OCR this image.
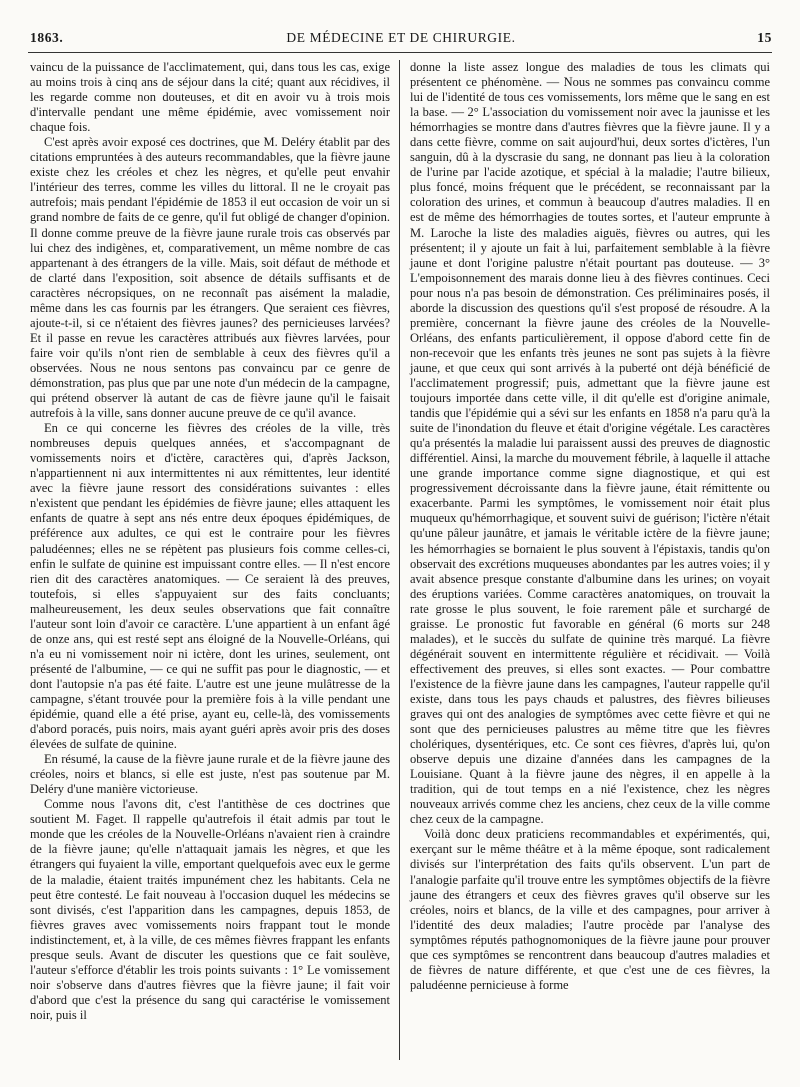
1863.	DE MÉDECINE ET DE CHIRURGIE.	15

vaincu de la puissance de l'acclimatement, qui, dans tous les cas, exige au moins trois à cinq ans de séjour dans la cité; quant aux récidives, il les regarde comme non douteuses, et dit en avoir vu à trois mois d'intervalle pendant une même épidémie, avec vomissement noir chaque fois.

C'est après avoir exposé ces doctrines, que M. Deléry établit par des citations empruntées à des auteurs recommandables, que la fièvre jaune existe chez les créoles et chez les nègres, et qu'elle peut envahir l'intérieur des terres, comme les villes du littoral. Il ne le croyait pas autrefois; mais pendant l'épidémie de 1853 il eut occasion de voir un si grand nombre de faits de ce genre, qu'il fut obligé de changer d'opinion. Il donne comme preuve de la fièvre jaune rurale trois cas observés par lui chez des indigènes, et, comparativement, un même nombre de cas appartenant à des étrangers de la ville. Mais, soit défaut de méthode et de clarté dans l'exposition, soit absence de détails suffisants et de caractères nécropsiques, on ne reconnaît pas aisément la maladie, même dans les cas fournis par les étrangers. Que seraient ces fièvres, ajoute-t-il, si ce n'étaient des fièvres jaunes? des pernicieuses larvées? Et il passe en revue les caractères attribués aux fièvres larvées, pour faire voir qu'ils n'ont rien de semblable à ceux des fièvres qu'il a observées. Nous ne nous sentons pas convaincu par ce genre de démonstration, pas plus que par une note d'un médecin de la campagne, qui prétend observer là autant de cas de fièvre jaune qu'il le faisait autrefois à la ville, sans donner aucune preuve de ce qu'il avance.

En ce qui concerne les fièvres des créoles de la ville, très nombreuses depuis quelques années, et s'accompagnant de vomissements noirs et d'ictère, caractères qui, d'après Jackson, n'appartiennent ni aux intermittentes ni aux rémittentes, leur identité avec la fièvre jaune ressort des considérations suivantes : elles n'existent que pendant les épidémies de fièvre jaune; elles attaquent les enfants de quatre à sept ans nés entre deux époques épidémiques, de préférence aux adultes, ce qui est le contraire pour les fièvres paludéennes; elles ne se répètent pas plusieurs fois comme celles-ci, enfin le sulfate de quinine est impuissant contre elles. — Il n'est encore rien dit des caractères anatomiques. — Ce seraient là des preuves, toutefois, si elles s'appuyaient sur des faits concluants; malheureusement, les deux seules observations que fait connaître l'auteur sont loin d'avoir ce caractère. L'une appartient à un enfant âgé de onze ans, qui est resté sept ans éloigné de la Nouvelle-Orléans, qui n'a eu ni vomissement noir ni ictère, dont les urines, seulement, ont présenté de l'albumine, — ce qui ne suffit pas pour le diagnostic, — et dont l'autopsie n'a pas été faite. L'autre est une jeune mulâtresse de la campagne, s'étant trouvée pour la première fois à la ville pendant une épidémie, quand elle a été prise, ayant eu, celle-là, des vomissements d'abord poracés, puis noirs, mais ayant guéri après avoir pris des doses élevées de sulfate de quinine.

En résumé, la cause de la fièvre jaune rurale et de la fièvre jaune des créoles, noirs et blancs, si elle est juste, n'est pas soutenue par M. Deléry d'une manière victorieuse.

Comme nous l'avons dit, c'est l'antithèse de ces doctrines que soutient M. Faget. Il rappelle qu'autrefois il était admis par tout le monde que les créoles de la Nouvelle-Orléans n'avaient rien à craindre de la fièvre jaune; qu'elle n'attaquait jamais les nègres, et que les étrangers qui fuyaient la ville, emportant quelquefois avec eux le germe de la maladie, étaient traités impunément chez les habitants. Cela ne peut être contesté. Le fait nouveau à l'occasion duquel les médecins se sont divisés, c'est l'apparition dans les campagnes, depuis 1853, de fièvres graves avec vomissements noirs frappant tout le monde indistinctement, et, à la ville, de ces mêmes fièvres frappant les enfants presque seuls. Avant de discuter les questions que ce fait soulève, l'auteur s'efforce d'établir les trois points suivants : 1° Le vomissement noir s'observe dans d'autres fièvres que la fièvre jaune; il fait voir d'abord que c'est la présence du sang qui caractérise le vomissement noir, puis il

donne la liste assez longue des maladies de tous les climats qui présentent ce phénomène. — Nous ne sommes pas convaincu comme lui de l'identité de tous ces vomissements, lors même que le sang en est la base. — 2° L'association du vomissement noir avec la jaunisse et les hémorrhagies se montre dans d'autres fièvres que la fièvre jaune. Il y a dans cette fièvre, comme on sait aujourd'hui, deux sortes d'ictères, l'un sanguin, dû à la dyscrasie du sang, ne donnant pas lieu à la coloration de l'urine par l'acide azotique, et spécial à la maladie; l'autre bilieux, plus foncé, moins fréquent que le précédent, se reconnaissant par la coloration des urines, et commun à beaucoup d'autres maladies. Il en est de même des hémorrhagies de toutes sortes, et l'auteur emprunte à M. Laroche la liste des maladies aiguës, fièvres ou autres, qui les présentent; il y ajoute un fait à lui, parfaitement semblable à la fièvre jaune et dont l'origine palustre n'était pourtant pas douteuse. — 3° L'empoisonnement des marais donne lieu à des fièvres continues. Ceci pour nous n'a pas besoin de démonstration. Ces préliminaires posés, il aborde la discussion des questions qu'il s'est proposé de résoudre. A la première, concernant la fièvre jaune des créoles de la Nouvelle-Orléans, des enfants particulièrement, il oppose d'abord cette fin de non-recevoir que les enfants très jeunes ne sont pas sujets à la fièvre jaune, et que ceux qui sont arrivés à la puberté ont déjà bénéficié de l'acclimatement progressif; puis, admettant que la fièvre jaune est toujours importée dans cette ville, il dit qu'elle est d'origine animale, tandis que l'épidémie qui a sévi sur les enfants en 1858 n'a paru qu'à la suite de l'inondation du fleuve et était d'origine végétale. Les caractères qu'a présentés la maladie lui paraissent aussi des preuves de diagnostic différentiel. Ainsi, la marche du mouvement fébrile, à laquelle il attache une grande importance comme signe diagnostique, et qui est progressivement décroissante dans la fièvre jaune, était rémittente ou exacerbante. Parmi les symptômes, le vomissement noir était plus muqueux qu'hémorrhagique, et souvent suivi de guérison; l'ictère n'était qu'une pâleur jaunâtre, et jamais le véritable ictère de la fièvre jaune; les hémorrhagies se bornaient le plus souvent à l'épistaxis, tandis qu'on observait des excrétions muqueuses abondantes par les autres voies; il y avait absence presque constante d'albumine dans les urines; on voyait des éruptions variées. Comme caractères anatomiques, on trouvait la rate grosse le plus souvent, le foie rarement pâle et surchargé de graisse. Le pronostic fut favorable en général (6 morts sur 248 malades), et le succès du sulfate de quinine très marqué. La fièvre dégénérait souvent en intermittente régulière et récidivait. — Voilà effectivement des preuves, si elles sont exactes. — Pour combattre l'existence de la fièvre jaune dans les campagnes, l'auteur rappelle qu'il existe, dans tous les pays chauds et palustres, des fièvres bilieuses graves qui ont des analogies de symptômes avec cette fièvre et qui ne sont que des pernicieuses palustres au même titre que les fièvres cholériques, dysentériques, etc. Ce sont ces fièvres, d'après lui, qu'on observe depuis une dizaine d'années dans les campagnes de la Louisiane. Quant à la fièvre jaune des nègres, il en appelle à la tradition, qui de tout temps en a nié l'existence, chez les nègres nouveaux arrivés comme chez les anciens, chez ceux de la ville comme chez ceux de la campagne.

Voilà donc deux praticiens recommandables et expérimentés, qui, exerçant sur le même théâtre et à la même époque, sont radicalement divisés sur l'interprétation des faits qu'ils observent. L'un part de l'analogie parfaite qu'il trouve entre les symptômes objectifs de la fièvre jaune des étrangers et ceux des fièvres graves qu'il observe sur les créoles, noirs et blancs, de la ville et des campagnes, pour arriver à l'identité des deux maladies; l'autre procède par l'analyse des symptômes réputés pathognomoniques de la fièvre jaune pour prouver que ces symptômes se rencontrent dans beaucoup d'autres maladies et de fièvres de nature différente, et que c'est une de ces fièvres, la paludéenne pernicieuse à forme
